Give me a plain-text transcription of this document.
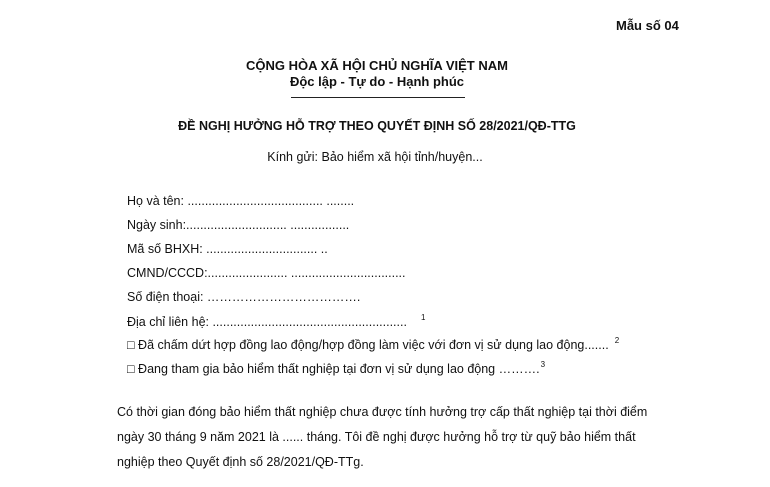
Mẫu số 04
CỘNG HÒA XÃ HỘI CHỦ NGHĨA VIỆT NAM
Độc lập - Tự do - Hạnh phúc
ĐỀ NGHỊ HƯỞNG HỖ TRỢ THEO QUYẾT ĐỊNH SỐ 28/2021/QĐ-TTG
Kính gửi: Bảo hiểm xã hội tỉnh/huyện...
Họ và tên: ....................................... ........
Ngày sinh:............................. .................
Mã số BHXH: ................................ ..
CMND/CCCD:....................... .................................
Số điện thoại: ……………………………….
Địa chỉ liên hệ: ........................................................ $^1$
□ Đã chấm dứt hợp đồng lao động/hợp đồng làm việc với đơn vị sử dụng lao động....... $^2$
□ Đang tham gia bảo hiểm thất nghiệp tại đơn vị sử dụng lao động ……….$^3$
Có thời gian đóng bảo hiểm thất nghiệp chưa được tính hưởng trợ cấp thất nghiệp tại thời điểm
ngày 30 tháng 9 năm 2021 là ...... tháng. Tôi đề nghị được hưởng hỗ trợ từ quỹ bảo hiểm thất
nghiệp theo Quyết định số 28/2021/QĐ-TTg.
